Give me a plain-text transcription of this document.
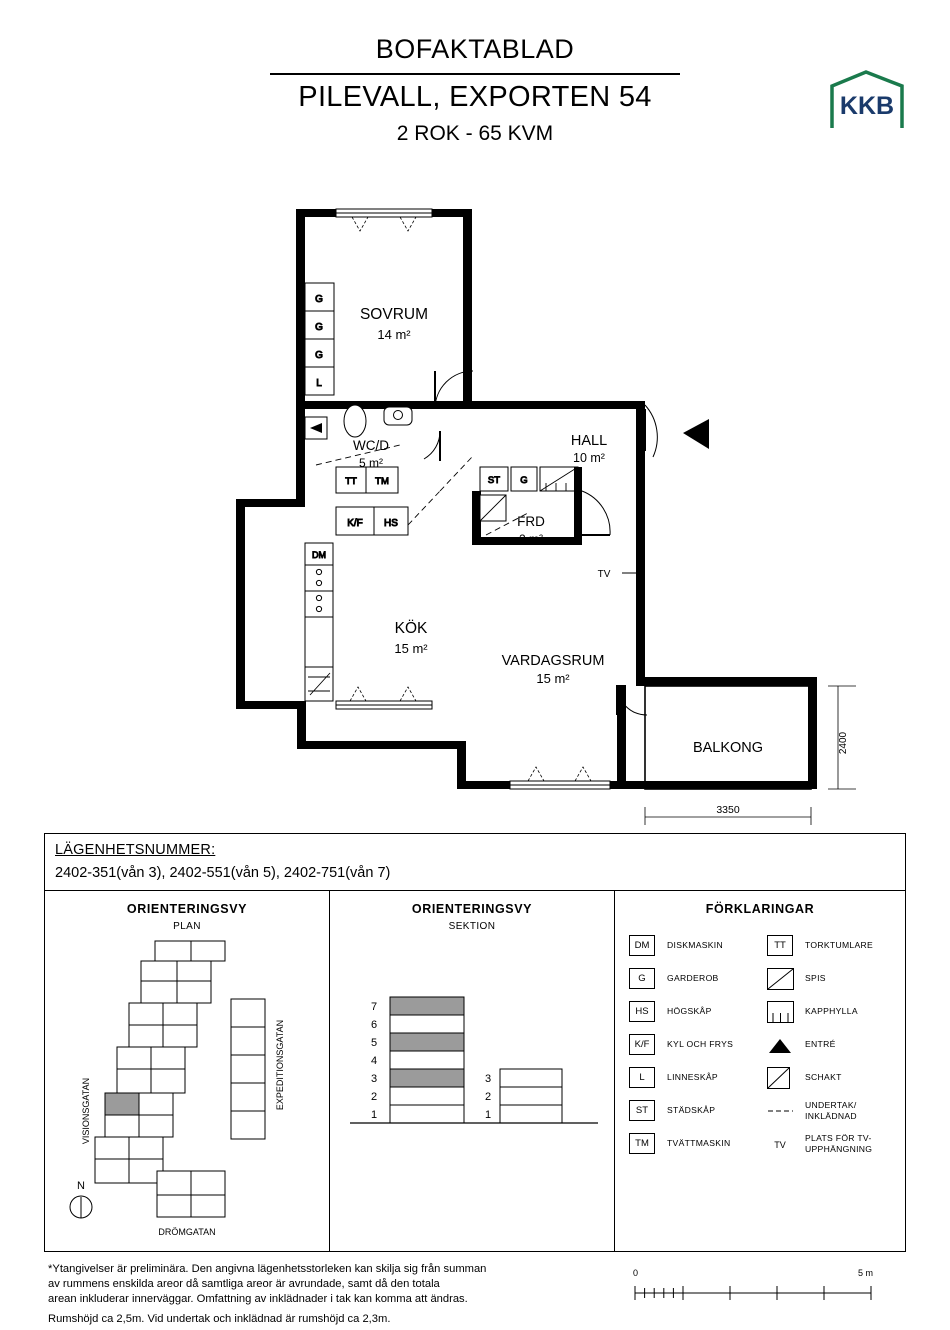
BOFAKTABLAD
PILEVALL, EXPORTEN 54
2 ROK - 65 KVM
KKB
G
G
G
L
TT TM
K/F HS
DM
ST G
SOVRUM
14 m²
WC/D
5 m²
HALL
10 m²
FRD
2 m²
KÖK
15 m²
VARDAGSRUM
15 m²
BALKONG
TV
2400
3350
LÄGENHETSNUMMER:
2402-351(vån 3), 2402-551(vån 5), 2402-751(vån 7)
ORIENTERINGSVY
PLAN
VISIONSGATAN
EXPEDITIONSGATAN
DRÖMGATAN
N
ORIENTERINGSVY
SEKTION
7
6
5
4
3
2
1
3
2
1
FÖRKLARINGAR
DM	DISKMASKIN
G	GARDEROB
HS	HÖGSKÅP
K/F	KYL OCH FRYS
L	LINNESKÅP
ST	STÄDSKÅP
TM	TVÄTTMASKIN
TT	TORKTUMLARE
SPIS
KAPPHYLLA
ENTRÉ
SCHAKT
UNDERTAK/ INKLÄDNAD
TV
PLATS FÖR TV- UPPHÄNGNING
*Ytangivelser är preliminära. Den angivna lägenhetsstorleken kan skilja sig från summan
av rummens enskilda areor då samtliga areor är avrundade, samt då den totala
arean inkluderar innerväggar. Omfattning av inklädnader i tak kan komma att ändras.
Rumshöjd ca 2,5m. Vid undertak och inklädnad är rumshöjd ca 2,3m.
0	5 m
